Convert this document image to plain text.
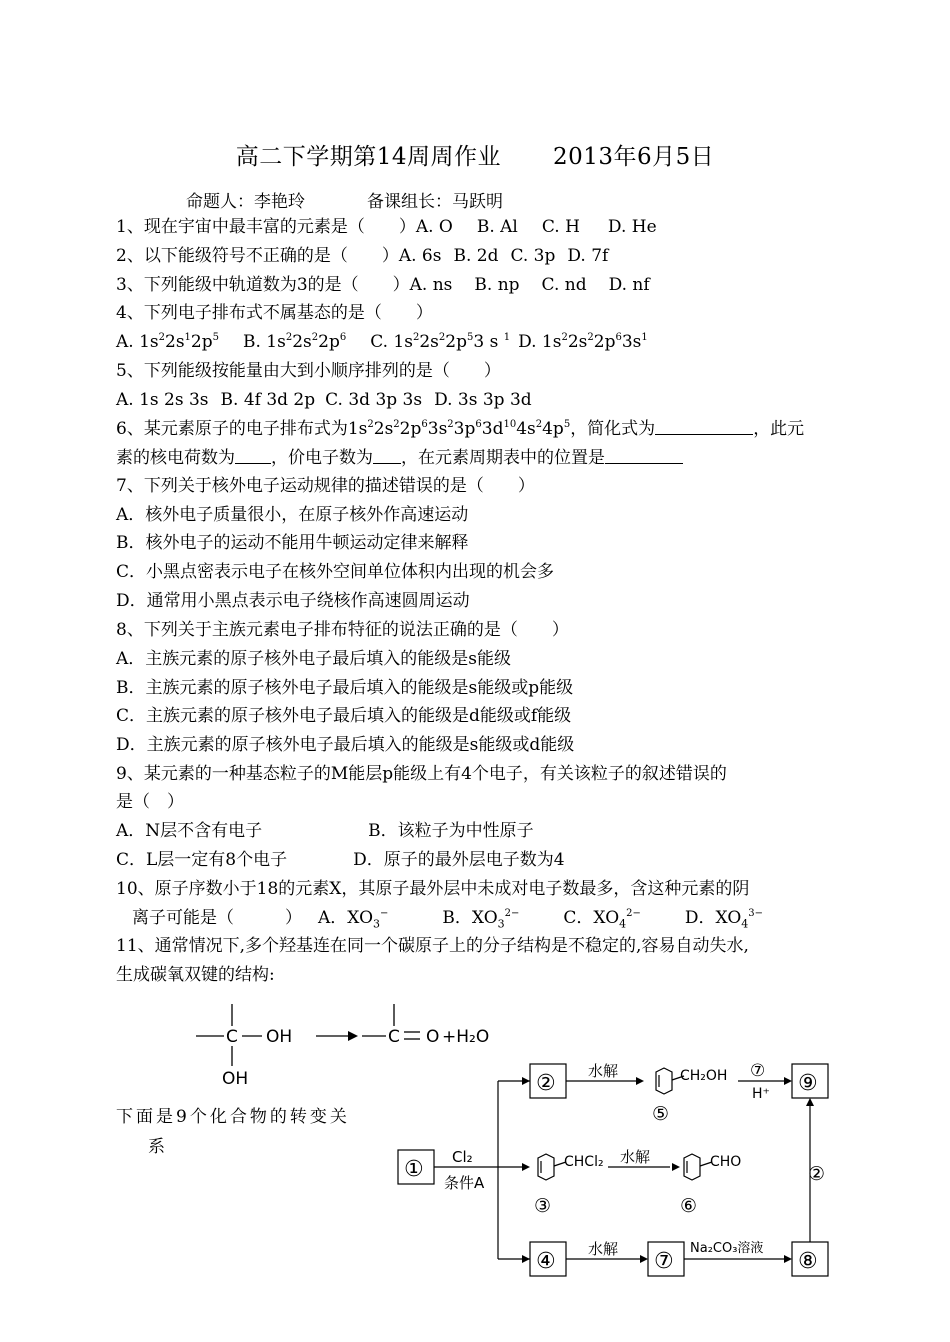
高二下学期第14周周作业 2013年6月5日
命题人：李艳玲	备课组长：马跃明
1、现在宇宙中最丰富的元素是（　　）A. O B. Al C. H D. He
2、以下能级符号不正确的是（　　）A. 6s B. 2d C. 3p D. 7f
3、下列能级中轨道数为3的是（　　）A. ns B. np C. nd D. nf
4、下列电子排布式不属基态的是（　　）
A. $1s^22s^12p^5$ B. $1s^22s^22p^6$ C. $1s^22s^22p^53$ s $^1$ D. $1s^22s^22p^63s^1$
5、下列能级按能量由大到小顺序排列的是（　　）
A. 1s 2s 3s B. 4f 3d 2p C. 3d 3p 3s D. 3s 3p 3d
6、某元素原子的电子排布式为$1s^22s^22p^63s^23p^63d^{10}4s^24p^5$，简化式为	，此元
素的核电荷数为 ，价电子数为 ，在元素周期表中的位置是
7、下列关于核外电子运动规律的描述错误的是（　　）
A．核外电子质量很小，在原子核外作高速运动
B．核外电子的运动不能用牛顿运动定律来解释
C．小黑点密表示电子在核外空间单位体积内出现的机会多
D．通常用小黑点表示电子绕核作高速圆周运动
8、下列关于主族元素电子排布特征的说法正确的是（　　）
A．主族元素的原子核外电子最后填入的能级是s能级
B．主族元素的原子核外电子最后填入的能级是s能级或p能级
C．主族元素的原子核外电子最后填入的能级是d能级或f能级
D．主族元素的原子核外电子最后填入的能级是s能级或d能级
9、某元素的一种基态粒子的M能层p能级上有4个电子，有关该粒子的叙述错误的
是（　）
A．N层不含有电子	B．该粒子为中性原子
C．L层一定有8个电子	D．原子的最外层电子数为4
10、原子序数小于18的元素X，其原子最外层中未成对电子数最多，含这种元素的阴
离子可能是（　　　） A．$XO_3^-$	B．$XO_3^{2-}$	C．$XO_4^{2-}$	D．$XO_4^{3-}$
11、通常情况下,多个羟基连在同一个碳原子上的分子结构是不稳定的,容易自动失水,
生成碳氧双键的结构:
下面是9个化合物的转变关
系
C OH
OH
C O +H₂O
①
②
④	⑦	⑧
⑨
⑤
③	⑥
⑦
②
CH₂OH
CHCl₂	CHO
水解
水解
水解
H⁺
Cl₂
条件A
Na₂CO₃溶液
